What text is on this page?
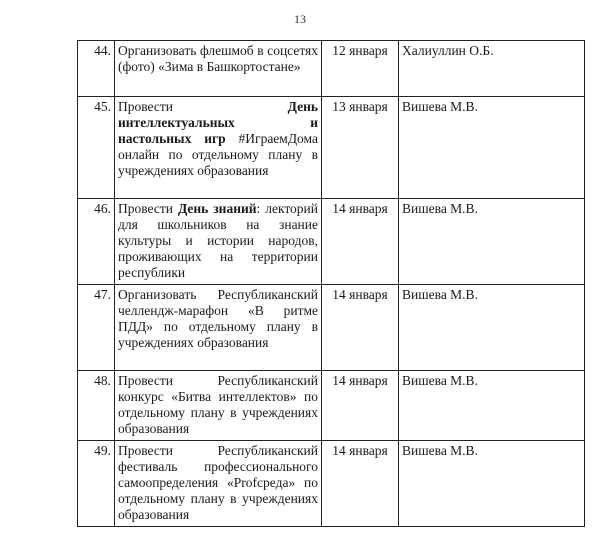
13
44.	Организовать флешмоб в соцсетях (фото) «Зима в Башкортостане»	12 января	Халиуллин О.Б.
45.	Провести День интеллектуальных и настольных игр #ИграемДома онлайн по отдельному плану в учреждениях образования	13 января	Вишева М.В.
46.	Провести День знаний: лекторий для школьников на знание культуры и истории народов, проживающих на территории республики	14 января	Вишева М.В.
47.	Организовать Республиканский челлендж-марафон «В ритме ПДД» по отдельному плану в учреждениях образования	14 января	Вишева М.В.
48.	Провести Республиканский конкурс «Битва интеллектов» по отдельному плану в учреждениях образования	14 января	Вишева М.В.
49.	Провести Республиканский фестиваль профессионального самоопределения «Profсреда» по отдельному плану в учреждениях образования	14 января	Вишева М.В.
